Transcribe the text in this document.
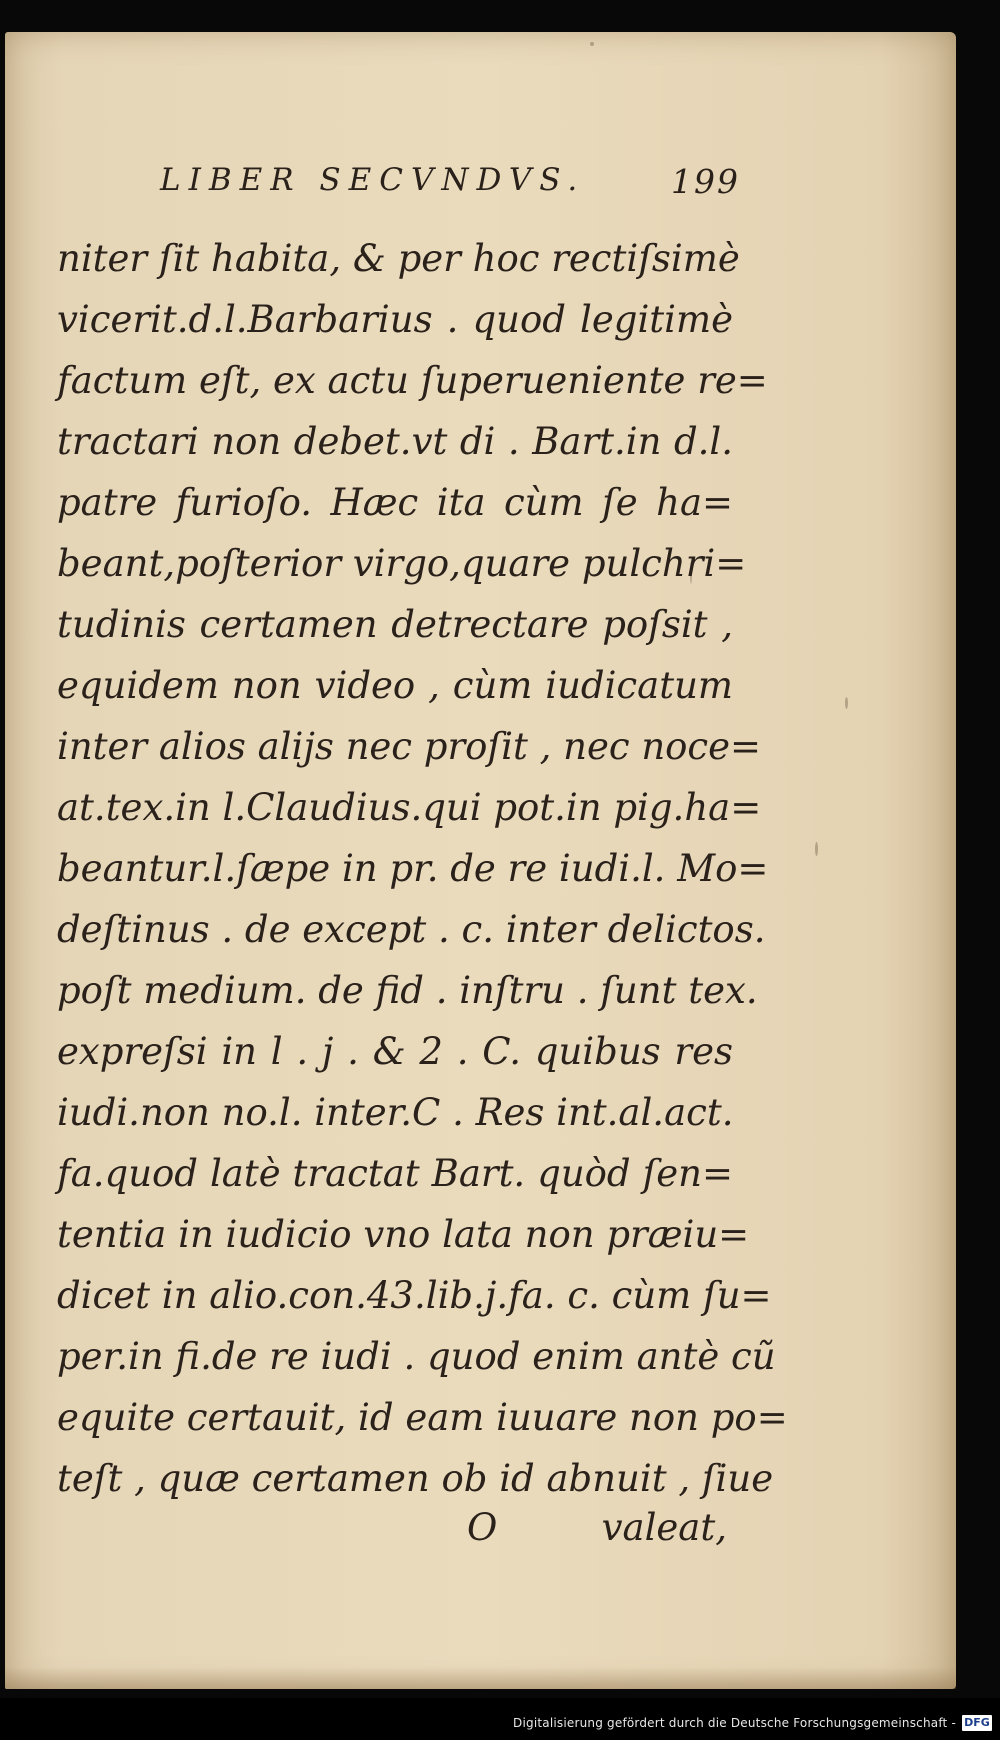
LIBER SECVNDVS.	199
niter ſit habita, & per hoc rectiſsimè
vicerit.d.l.Barbarius . quod legitimè
factum eſt, ex actu ſuperueniente re=
tractari non debet.vt di . Bart.in d.l.
patre furioſo. Hæc ita cùm ſe ha=
beant,poſterior virgo,quare pulchri=
tudinis certamen detrectare poſsit ,
equidem non video , cùm iudicatum
inter alios alijs nec proſit , nec noce=
at.tex.in l.Claudius.qui pot.in pig.ha=
beantur.l.ſæpe in pr. de re iudi.l. Mo=
deſtinus . de except . c. inter delictos.
poſt medium. de fid . inſtru . ſunt tex.
expreſsi in l . j . & 2 . C. quibus res
iudi.non no.l. inter.C . Res int.al.act.
fa.quod latè tractat Bart. quòd ſen=
tentia in iudicio vno lata non præiu=
dicet in alio.con.43.lib.j.fa. c. cùm ſu=
per.in fi.de re iudi . quod enim antè cũ
equite certauit, id eam iuuare non po=
teſt , quæ certamen ob id abnuit , ſiue
O	valeat,
Digitalisierung gefördert durch die Deutsche Forschungsgemeinschaft - DFG
